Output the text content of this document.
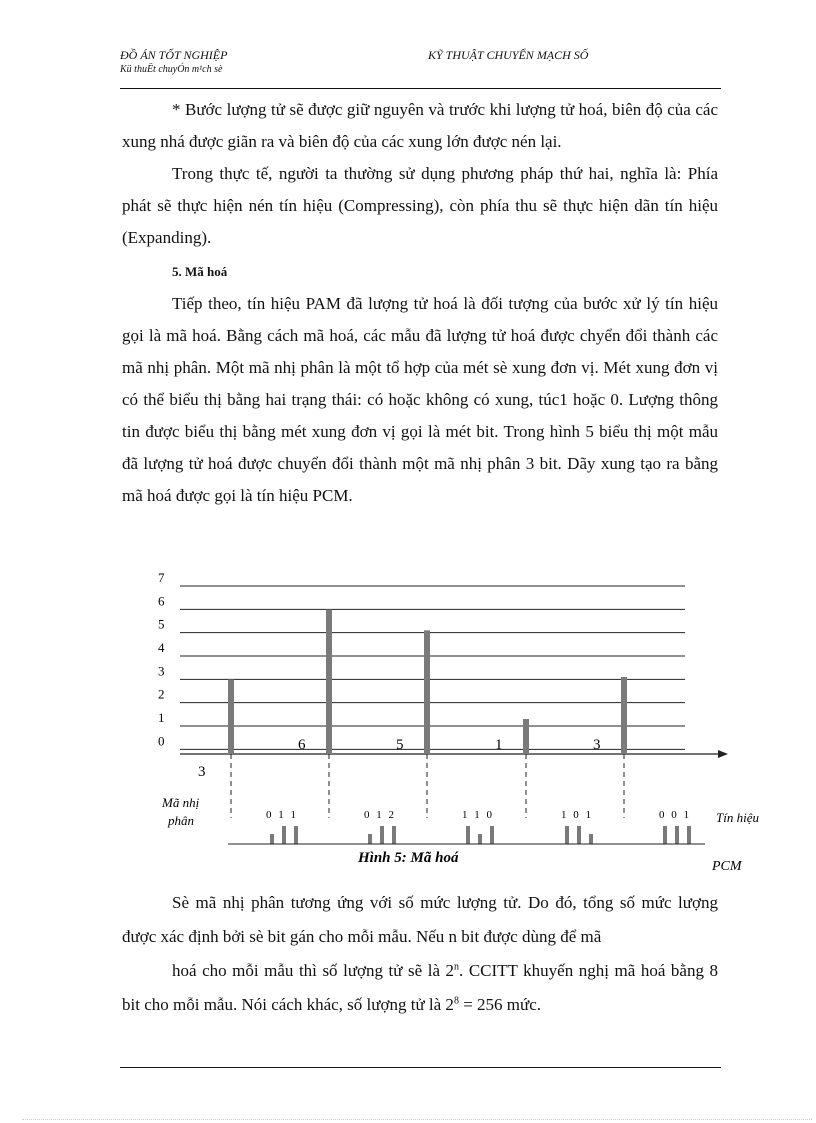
ĐỒ ÁN TỐT NGHIỆP
Kü thuËt chuyÓn m¹ch sè
KỸ THUẬT CHUYỂN MẠCH SỐ

* Bước lượng tử sẽ được giữ nguyên và trước khi lượng tử hoá, biên độ của các xung nhá được giãn ra và biên độ của các xung lớn được nén lại.

Trong thực tế, người ta thường sử dụng phương pháp thứ hai, nghĩa là: Phía phát sẽ thực hiện nén tín hiệu (Compressing), còn phía thu sẽ thực hiện dãn tín hiệu (Expanding).

5. Mã hoá

Tiếp theo, tín hiệu PAM đã lượng tử hoá là đối tượng của bước xử lý tín hiệu gọi là mã hoá. Bằng cách mã hoá, các mẫu đã lượng tử hoá được chyển đổi thành các mã nhị phân. Một mã nhị phân là một tổ hợp của mét sè xung đơn vị. Mét xung đơn vị có thể biểu thị bằng hai trạng thái: có hoặc không có xung, túc1 hoặc 0. Lượng thông tin được biểu thị bằng mét xung đơn vị gọi là mét bit. Trong hình 5 biểu thị một mẫu đã lượng tử hoá được chuyển đổi thành một mã nhị phân 3 bit. Dãy xung tạo ra bằng mã hoá được gọi là tín hiệu PCM.

0
1
2
3
4
5
6
7
3
6	5	1	3
0 1 1	0 1 2	1 1 0	1 0 1	0 0 1
Mã nhị
phân	Tín hiệu
PCM
Hình 5: Mã hoá

Sè mã nhị phân tương ứng với số mức lượng tử. Do đó, tổng số mức lượng được xác định bởi sè bit gán cho mỗi mẫu. Nếu n bit được dùng để mã

hoá cho mỗi mẫu thì số lượng tử sẽ là 2$^n$. CCITT khuyến nghị mã hoá bằng 8 bit cho mỗi mẫu. Nói cách khác, số lượng tử là $2^8 = 256$ mức.
